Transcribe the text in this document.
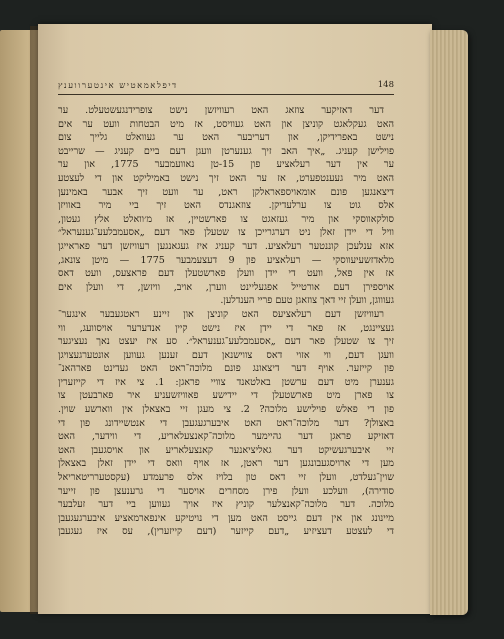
דיפלאמאטיש אינטערווענץ	148
דער דאזיקער צוזאג האט רעוויזשן נישט צופרידנגעשטעלט. ער
האט געקלאגט קוניצן און האט געוויסט, אז מיט הבטחות וועט ער אים
נישט באפרידיקן, און דעריבער האט ער געוואלט גלייך צום
פוילישן קעניג. „איך האב זיך גענערטן וועגן דעם ביים קעניג — שרייבט
ער אין דער רעלאציע פון 15-טן נאוועמבער 1775, און ער
האט מיר געענטפערט, אז ער האט זיך נישט באמיליקט און די לעצטע
דיצאנגען פונם אומאויספאראלקן ראט, ער וועט זיך אבער באמינען
אלס גוט צו ערלעדיקן. צוזאגנדס האט זיך ביי מיר באוויזן
סולקאווסקי און מיר געזאגט צו פארשטיין, אז מ׳וואלט אלץ געטון,
וויל די יידן זאלן ניט דערגרייכן צו שטעלן פאר דעם „אסעמבלעע־גענעראל״
אזא ענלעכן קוננטער רעלאציע. דער קעניג איז געגאנגען רעוויזשן דער פאראייגן
מלאדזשעיעווסקי — רעלאציע פון 9 דעצעמבער 1775 — מיטן צונאג,
אז אין פאל, וועט די יידן וועלן פארשטעלן דעם פראצעס, וועט דאס
אויספירן דעם אורטייל אפגעליינט ווערן, אויב, וויזשן, די וועלן אים
געוווגן, וועלן זיי דאך צוזאגן טעם פריי הענדלען.
רעוויזשן דעם רעלאציעס האט קוניצן און זיינע ראטגעבער אינגער־
געציינגט, אז פאר די יידן איז נישט קיין אנדערער אויסוועג, ווי
זיך צו שטעלן פאר דעם „אסעמבלעע־גענעראל״. סע איז יעצט נאך נעציגער
וועגן דעם, ווי אזוי דאס צווישנאן דעם זענען געווען אונטערגעצויגן
פון קייזער. אויף דער דיצאונג פונם מלוכה־ראט האט געדינט פארהאנ־
גענערן מיט דעם ערשטן באלטאנד צוויי פראגן: 1. צי איז די קייזערין
צו פארן מיט פארשטעלן די יידישע פאוויזשעניע איר פארבעטן צו
פון די פאלש פוילישע מלוכה? 2. צי מעגן זיי באצאלן אין ווארשע שוין.
באצולן? דער מלוכה־ראט האט איבערגעגעבן די אנטשיידונג פון די
דאזיקע פראגן דער גהיימער מלוכה־קאנצעלאריע, די ווידער, האט
זיי איבערגעשיקט דער גאליציאנער קאנצעלאריע און אויסגעבן האט
מען די ארויסגעבונגען דער ראטן, אז אויף וואס די יידן זאלן באצאלן
שוין־געלדט, וועלן זיי דאס טון בלויז אלס פרעמדע (עקסטערריטאריאל
סודירה), וועלכע וועלן פירן מסחרים אויסער די גרענעצן פון זייער
מלוכה. דער מלוכה־קאנצלער קוניץ איז אויך געווען ביי דער זעלבער
מיינונג און אין דעם גייסט האט מען די נויטיקע אינפארמאציע איבערגעגעבן
די לעצטע דעציזיע „דעם קייזער (דעם קייזערין), עס איז געגעבן
